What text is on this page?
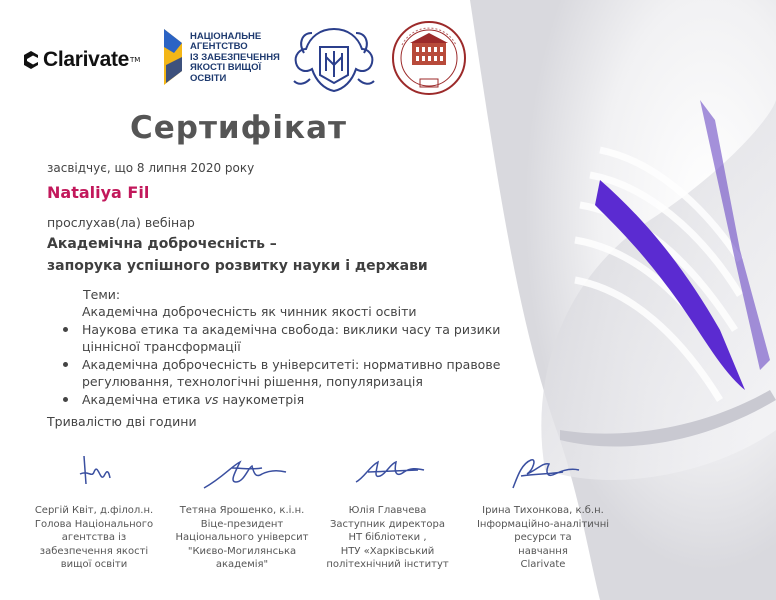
Clarivate TM
НАЦІОНАЛЬНЕ
АГЕНТСТВО
ІЗ ЗАБЕЗПЕЧЕННЯ
ЯКОСТІ ВИЩОЇ ОСВІТИ
Сертифікат
засвідчує, що 8 липня 2020 року
Nataliya Fil
прослухав(ла) вебінар
Академічна доброчесність –
запорука успішного розвитку науки і держави
Теми:
Академічна доброчесність як чинник якості освіти
Наукова етика та академічна свобода: виклики часу та ризики ціннісної трансформації
Академічна доброчесність в університеті: нормативно правове регулювання, технологічні рішення, популяризація
Академічна етика vs наукометрія
Тривалістю дві години
Сергій Квіт, д.філол.н.
Голова Національного
агентства із
забезпечення якості
вищої освіти
Тетяна Ярошенко, к.і.н.
Віце-президент
Національного університ
"Києво-Могилянська
академія"
Юлія Главчева
Заступник директора
НТ бібліотеки ,
НТУ «Харківський
політехнічний інститут
Ірина Тихонкова, к.б.н.
Інформаційно-аналітичні
ресурси та
навчання
Clarivate
